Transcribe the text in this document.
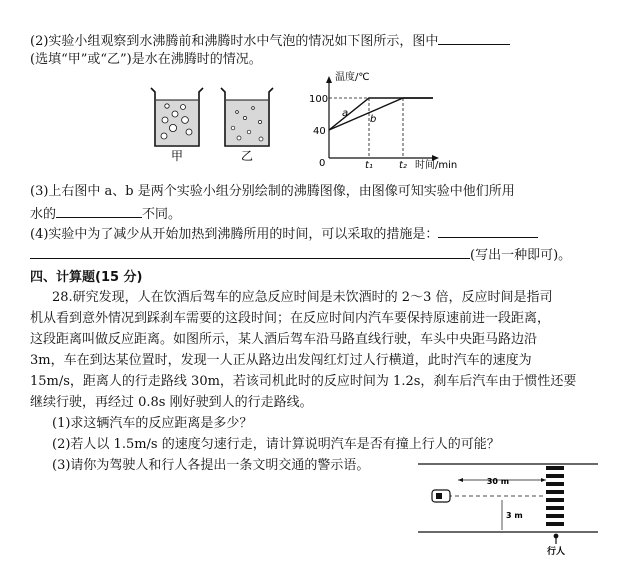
(2)实验小组观察到水沸腾前和沸腾时水中气泡的情况如下图所示，图中
(选填“甲”或“乙”)是水在沸腾时的情况。
甲	乙
温度/℃
100
40
0	t₁	t₂ 时间/min
a
b
(3)上右图中 a、b 是两个实验小组分别绘制的沸腾图像，由图像可知实验中他们所用
水的	不同。
(4)实验中为了减少从开始加热到沸腾所用的时间，可以采取的措施是：
(写出一种即可)。
四、计算题(15 分)
28.研究发现，人在饮酒后驾车的应急反应时间是未饮酒时的 2～3 倍，反应时间是指司
机从看到意外情况到踩刹车需要的这段时间；在反应时间内汽车要保持原速前进一段距离，
这段距离叫做反应距离。如图所示，某人酒后驾车沿马路直线行驶，车头中央距马路边沿
3m，车在到达某位置时，发现一人正从路边出发闯红灯过人行横道，此时汽车的速度为
15m/s，距离人的行走路线 30m，若该司机此时的反应时间为 1.2s，刹车后汽车由于惯性还要
继续行驶，再经过 0.8s 刚好驶到人的行走路线。
(1)求这辆汽车的反应距离是多少？
(2)若人以 1.5m/s 的速度匀速行走，请计算说明汽车是否有撞上行人的可能？
(3)请你为驾驶人和行人各提出一条文明交通的警示语。
30 m
3 m
行人
